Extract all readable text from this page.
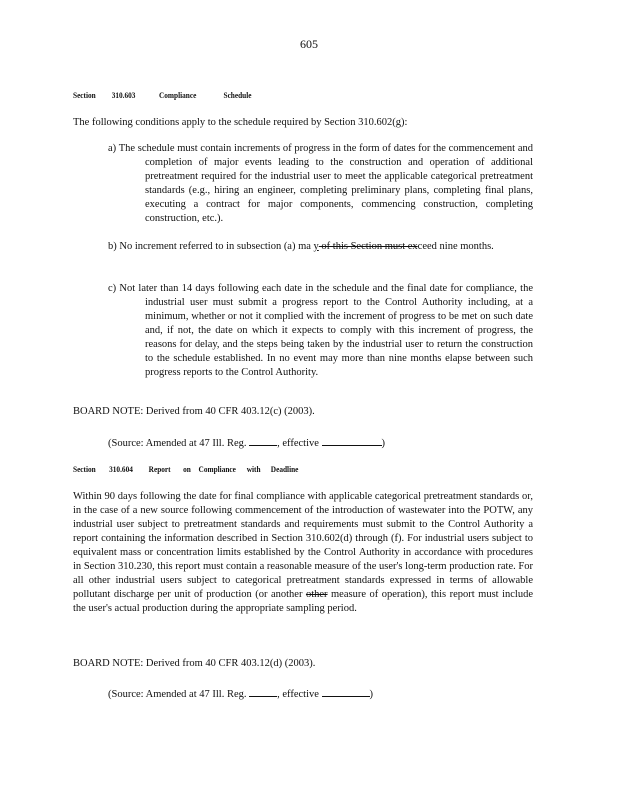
605
Section 310.603	Compliance	Schedule
The following conditions apply to the schedule required by Section 310.602(g):
a) The schedule must contain increments of progress in the form of dates for the commencement and completion of major events leading to the construction and operation of additional pretreatment required for the industrial user to meet the applicable categorical pretreatment standards (e.g., hiring an engineer, completing preliminary plans, completing final plans, executing a contract for major components, commencing construction, completing construction, etc.).
b) No increment referred to in subsection (a) ma y of this Section must exceed nine months.
c) Not later than 14 days following each date in the schedule and the final date for compliance, the industrial user must submit a progress report to the Control Authority including, at a minimum, whether or not it complied with the increment of progress to be met on such date and, if not, the date on which it expects to comply with this increment of progress, the reasons for delay, and the steps being taken by the industrial user to return the construction to the schedule established. In no event may more than nine months elapse between such progress reports to the Control Authority.
BOARD NOTE: Derived from 40 CFR 403.12(c) (2003).
(Source: Amended at 47 Ill. Reg.	, effective	)
Section 310.604 Report on Compliance with Deadline
Within 90 days following the date for final compliance with applicable categorical pretreatment standards or, in the case of a new source following commencement of the introduction of wastewater into the POTW, any industrial user subject to pretreatment standards and requirements must submit to the Control Authority a report containing the information described in Section 310.602(d) through (f). For industrial users subject to equivalent mass or concentration limits established by the Control Authority in accordance with procedures in Section 310.230, this report must contain a reasonable measure of the user's long-term production rate. For all other industrial users subject to categorical pretreatment standards expressed in terms of allowable pollutant discharge per unit of production (or another other measure of operation), this report must include the user's actual production during the appropriate sampling period.
BOARD NOTE: Derived from 40 CFR 403.12(d) (2003).
(Source: Amended at 47 Ill. Reg.	, effective	)
